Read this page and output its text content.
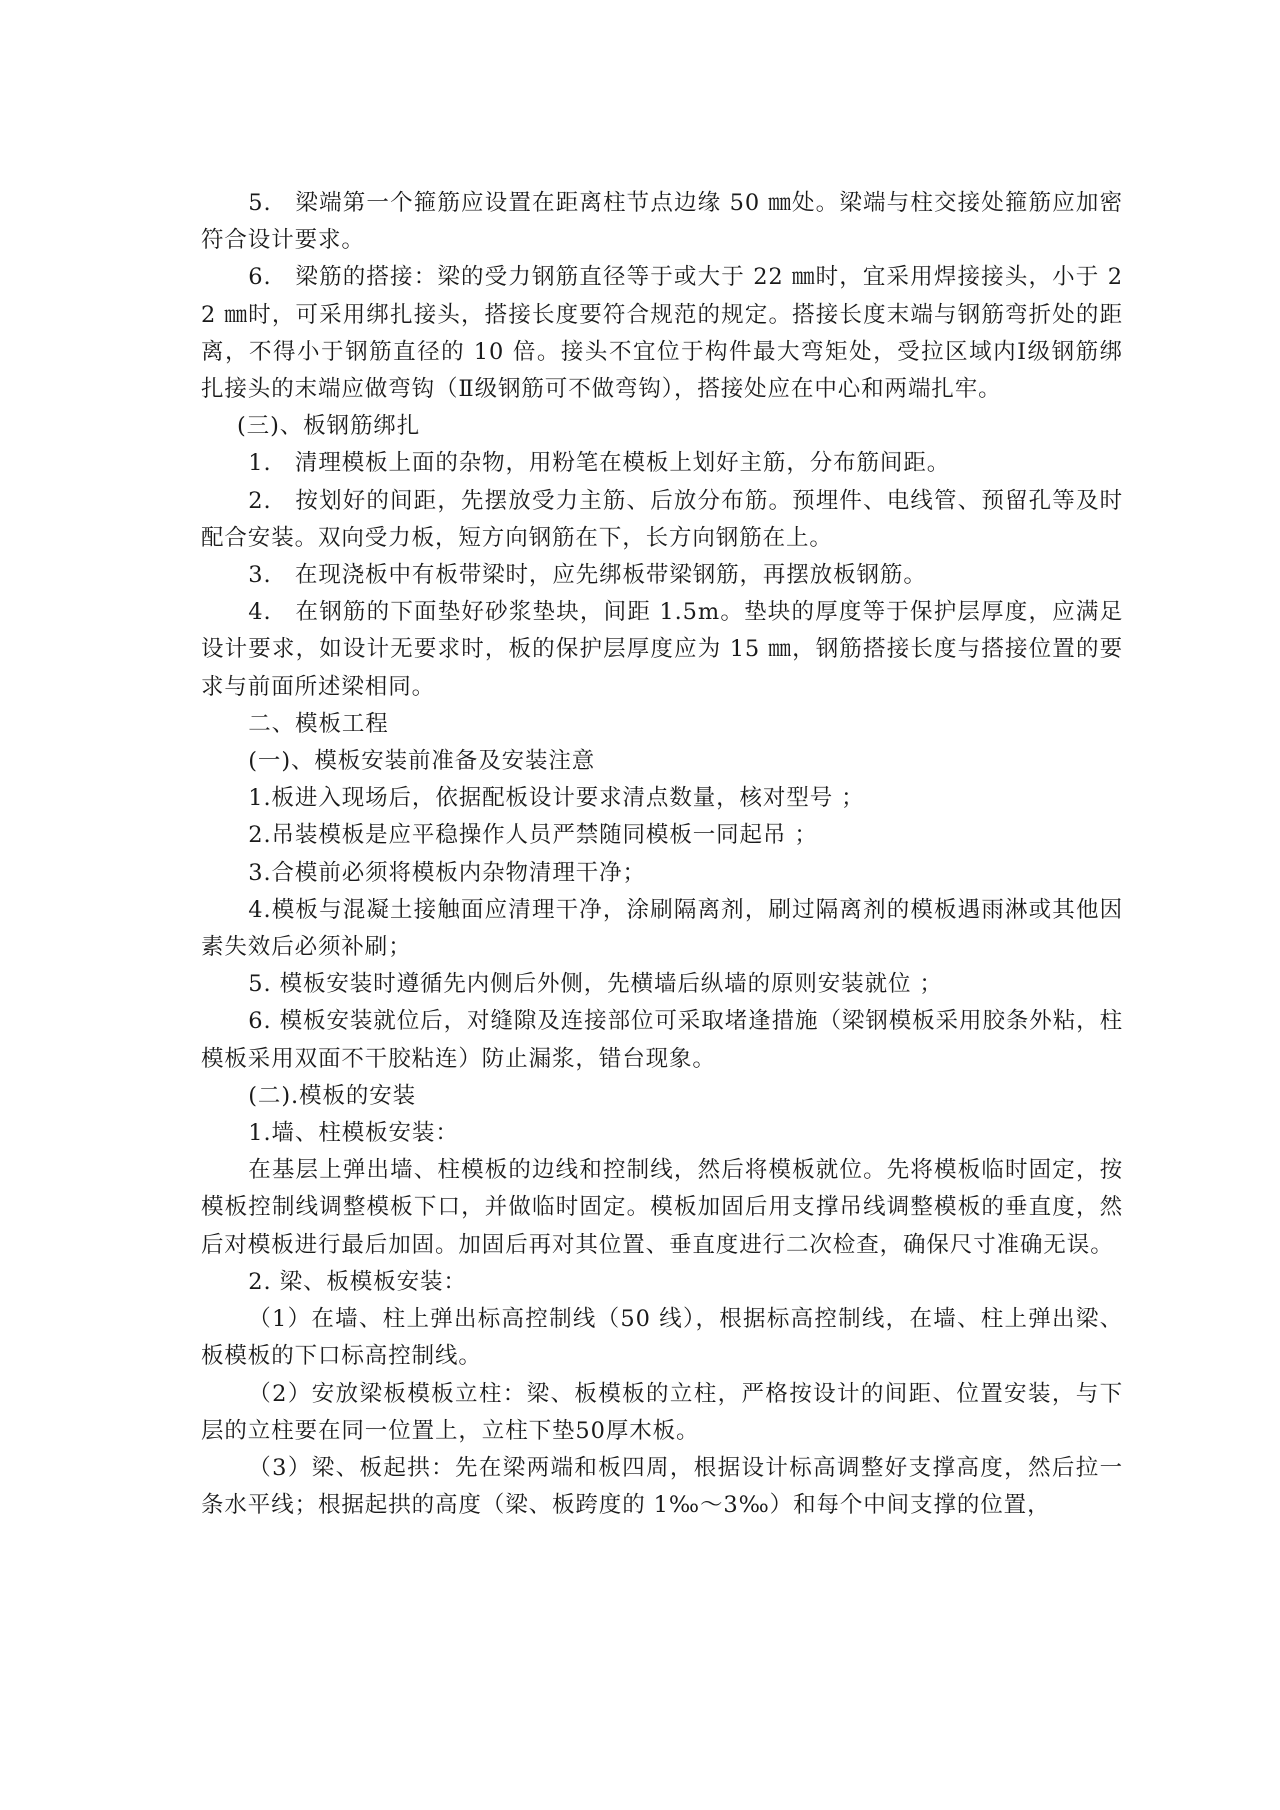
5.　梁端第一个箍筋应设置在距离柱节点边缘 50 ㎜处。梁端与柱交接处箍筋应加密符合设计要求。

6.　梁筋的搭接：梁的受力钢筋直径等于或大于 22 ㎜时，宜采用焊接接头，小于 22 ㎜时，可采用绑扎接头，搭接长度要符合规范的规定。搭接长度末端与钢筋弯折处的距离，不得小于钢筋直径的 10 倍。接头不宜位于构件最大弯矩处，受拉区域内Ⅰ级钢筋绑扎接头的末端应做弯钩（Ⅱ级钢筋可不做弯钩），搭接处应在中心和两端扎牢。

(三)、板钢筋绑扎

1.　清理模板上面的杂物，用粉笔在模板上划好主筋，分布筋间距。

2.　按划好的间距，先摆放受力主筋、后放分布筋。预埋件、电线管、预留孔等及时配合安装。双向受力板，短方向钢筋在下，长方向钢筋在上。

3.　在现浇板中有板带梁时，应先绑板带梁钢筋，再摆放板钢筋。

4.　在钢筋的下面垫好砂浆垫块，间距 1.5m。垫块的厚度等于保护层厚度，应满足设计要求，如设计无要求时，板的保护层厚度应为 15 ㎜，钢筋搭接长度与搭接位置的要求与前面所述梁相同。

二、模板工程

(一)、模板安装前准备及安装注意

1.板进入现场后，依据配板设计要求清点数量，核对型号 ；

2.吊装模板是应平稳操作人员严禁随同模板一同起吊 ；

3.合模前必须将模板内杂物清理干净；

4.模板与混凝土接触面应清理干净，涂刷隔离剂，刷过隔离剂的模板遇雨淋或其他因素失效后必须补刷；

5. 模板安装时遵循先内侧后外侧，先横墙后纵墙的原则安装就位 ；

6. 模板安装就位后，对缝隙及连接部位可采取堵逢措施（梁钢模板采用胶条外粘，柱模板采用双面不干胶粘连）防止漏浆，错台现象。

(二).模板的安装

1.墙、柱模板安装：

在基层上弹出墙、柱模板的边线和控制线，然后将模板就位。先将模板临时固定，按模板控制线调整模板下口，并做临时固定。模板加固后用支撑吊线调整模板的垂直度，然后对模板进行最后加固。加固后再对其位置、垂直度进行二次检查，确保尺寸准确无误。

2. 梁、板模板安装：

（1）在墙、柱上弹出标高控制线（50 线），根据标高控制线，在墙、柱上弹出梁、板模板的下口标高控制线。

（2）安放梁板模板立柱：梁、板模板的立柱，严格按设计的间距、位置安装，与下层的立柱要在同一位置上，立柱下垫50厚木板。

（3）梁、板起拱：先在梁两端和板四周，根据设计标高调整好支撑高度，然后拉一条水平线；根据起拱的高度（梁、板跨度的 1‰～3‰）和每个中间支撑的位置，
